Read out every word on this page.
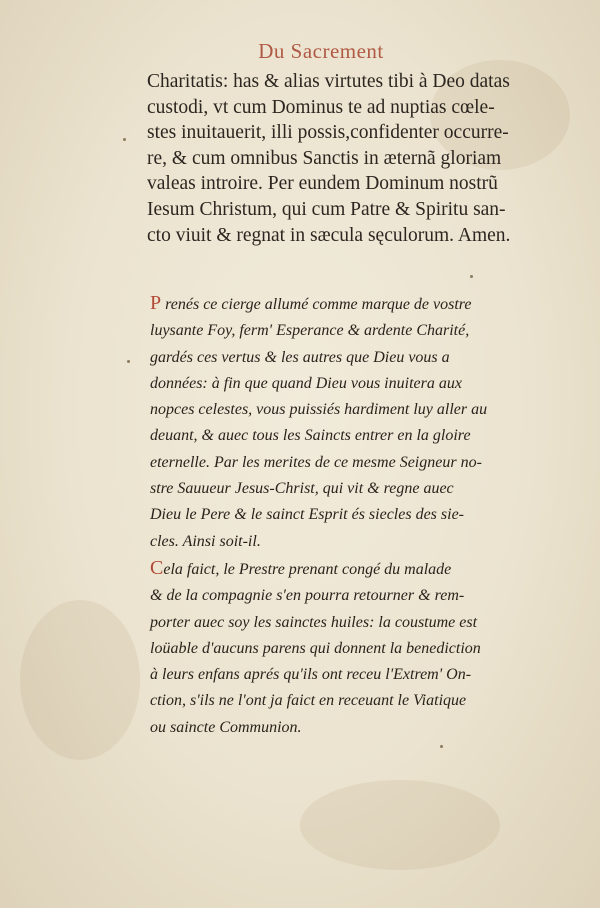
Du Sacrement
Charitatis: has & alias virtutes tibi à Deo datas
custodi, vt cum Dominus te ad nuptias cœle-
stes inuitauerit, illi possis,confidenter occurre-
re, & cum omnibus Sanctis in æternã gloriam
valeas introire. Per eundem Dominum nostrũ
Iesum Christum, qui cum Patre & Spiritu san-
cto viuit & regnat in sæcula sęculorum. Amen.
P renés ce cierge allumé comme marque de vostre
luysante Foy, ferm' Esperance & ardente Charité,
gardés ces vertus & les autres que Dieu vous a
données: à fin que quand Dieu vous inuitera aux
nopces celestes, vous puissiés hardiment luy aller au
deuant, & auec tous les Saincts entrer en la gloire
eternelle. Par les merites de ce mesme Seigneur no-
stre Sauueur Jesus-Christ, qui vit & regne auec
Dieu le Pere & le sainct Esprit és siecles des sie-
cles. Ainsi soit-il.
Cela faict, le Prestre prenant congé du malade
& de la compagnie s'en pourra retourner & rem-
porter auec soy les sainctes huiles: la coustume est
loüable d'aucuns parens qui donnent la benediction
à leurs enfans aprés qu'ils ont receu l'Extrem' On-
ction, s'ils ne l'ont ja faict en receuant le Viatique
ou saincte Communion.
